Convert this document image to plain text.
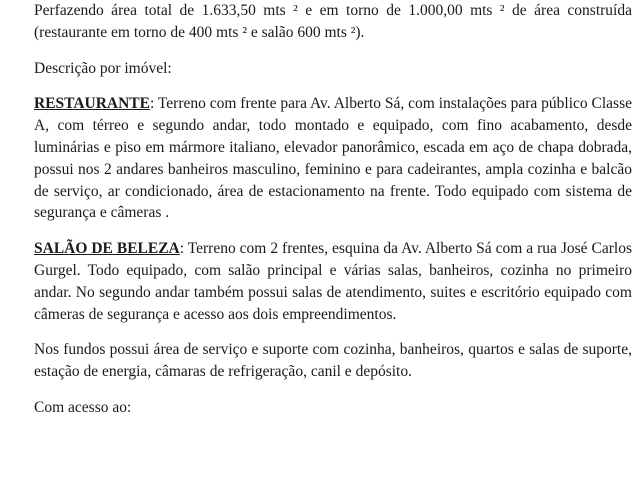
Perfazendo área total de 1.633,50 mts ² e em torno de 1.000,00 mts ² de área construída (restaurante em torno de 400 mts ² e salão 600 mts ²).

Descrição por imóvel:

RESTAURANTE: Terreno com frente para Av. Alberto Sá, com instalações para público Classe A, com térreo e segundo andar, todo montado e equipado, com fino acabamento, desde luminárias e piso em mármore italiano, elevador panorâmico, escada em aço de chapa dobrada, possui nos 2 andares banheiros masculino, feminino e para cadeirantes, ampla cozinha e balcão de serviço, ar condicionado, área de estacionamento na frente. Todo equipado com sistema de segurança e câmeras .

SALÃO DE BELEZA: Terreno com 2 frentes, esquina da Av. Alberto Sá com a rua José Carlos Gurgel. Todo equipado, com salão principal e várias salas, banheiros, cozinha no primeiro andar. No segundo andar também possui salas de atendimento, suites e escritório equipado com câmeras de segurança e acesso aos dois empreendimentos.

Nos fundos possui área de serviço e suporte com cozinha, banheiros, quartos e salas de suporte, estação de energia, câmaras de refrigeração, canil e depósito.

Com acesso ao:
